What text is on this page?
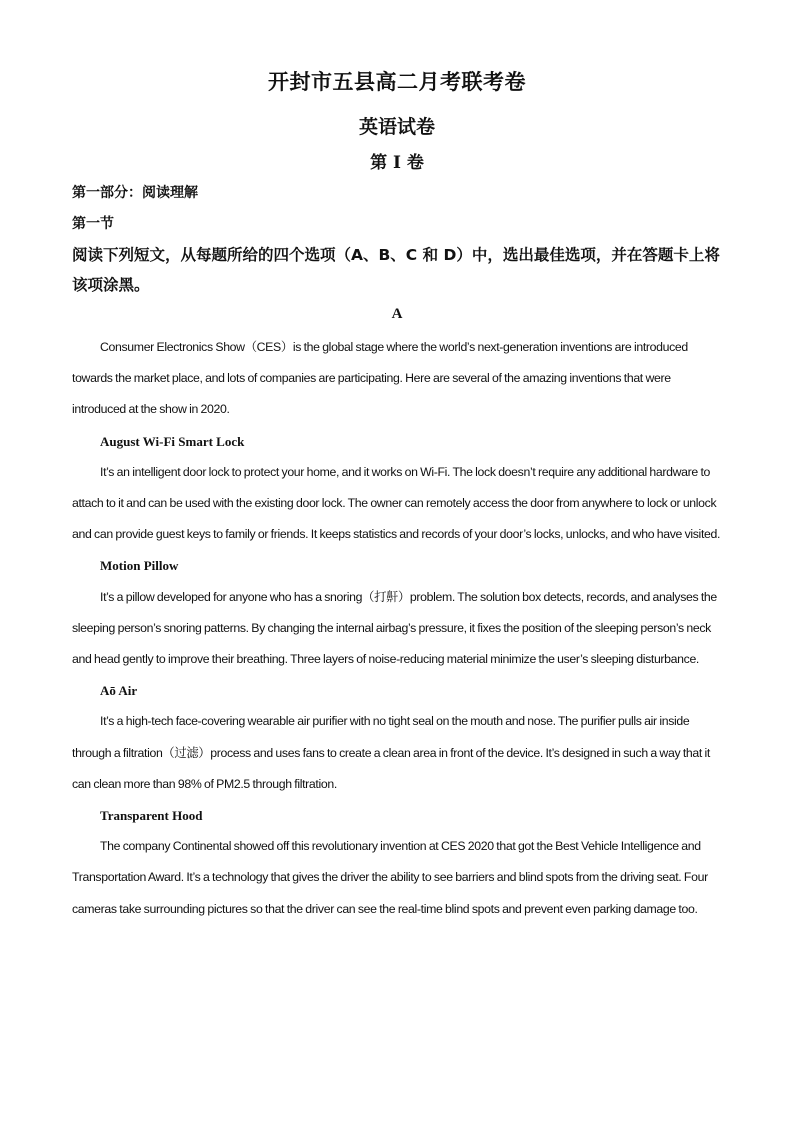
开封市五县高二月考联考卷
英语试卷
第 I 卷
第一部分：阅读理解
第一节
阅读下列短文，从每题所给的四个选项（A、B、C 和 D）中，选出最佳选项，并在答题卡上将该项涂黑。
A

Consumer Electronics Show（CES）is the global stage where the world’s next-generation inventions are introduced towards the market place, and lots of companies are participating. Here are several of the amazing inventions that were introduced at the show in 2020.

August Wi-Fi Smart Lock

It’s an intelligent door lock to protect your home, and it works on Wi-Fi. The lock doesn’t require any additional hardware to attach to it and can be used with the existing door lock. The owner can remotely access the door from anywhere to lock or unlock and can provide guest keys to family or friends. It keeps statistics and records of your door’s locks, unlocks, and who have visited.

Motion Pillow

It’s a pillow developed for anyone who has a snoring（打鼾）problem. The solution box detects, records, and analyses the sleeping person’s snoring patterns. By changing the internal airbag’s pressure, it fixes the position of the sleeping person’s neck and head gently to improve their breathing. Three layers of noise-reducing material minimize the user’s sleeping disturbance.

Aō Air

It’s a high-tech face-covering wearable air purifier with no tight seal on the mouth and nose. The purifier pulls air inside through a filtration（过滤）process and uses fans to create a clean area in front of the device. It’s designed in such a way that it can clean more than 98% of PM2.5 through filtration.

Transparent Hood

The company Continental showed off this revolutionary invention at CES 2020 that got the Best Vehicle Intelligence and Transportation Award. It’s a technology that gives the driver the ability to see barriers and blind spots from the driving seat. Four cameras take surrounding pictures so that the driver can see the real-time blind spots and prevent even parking damage too.
